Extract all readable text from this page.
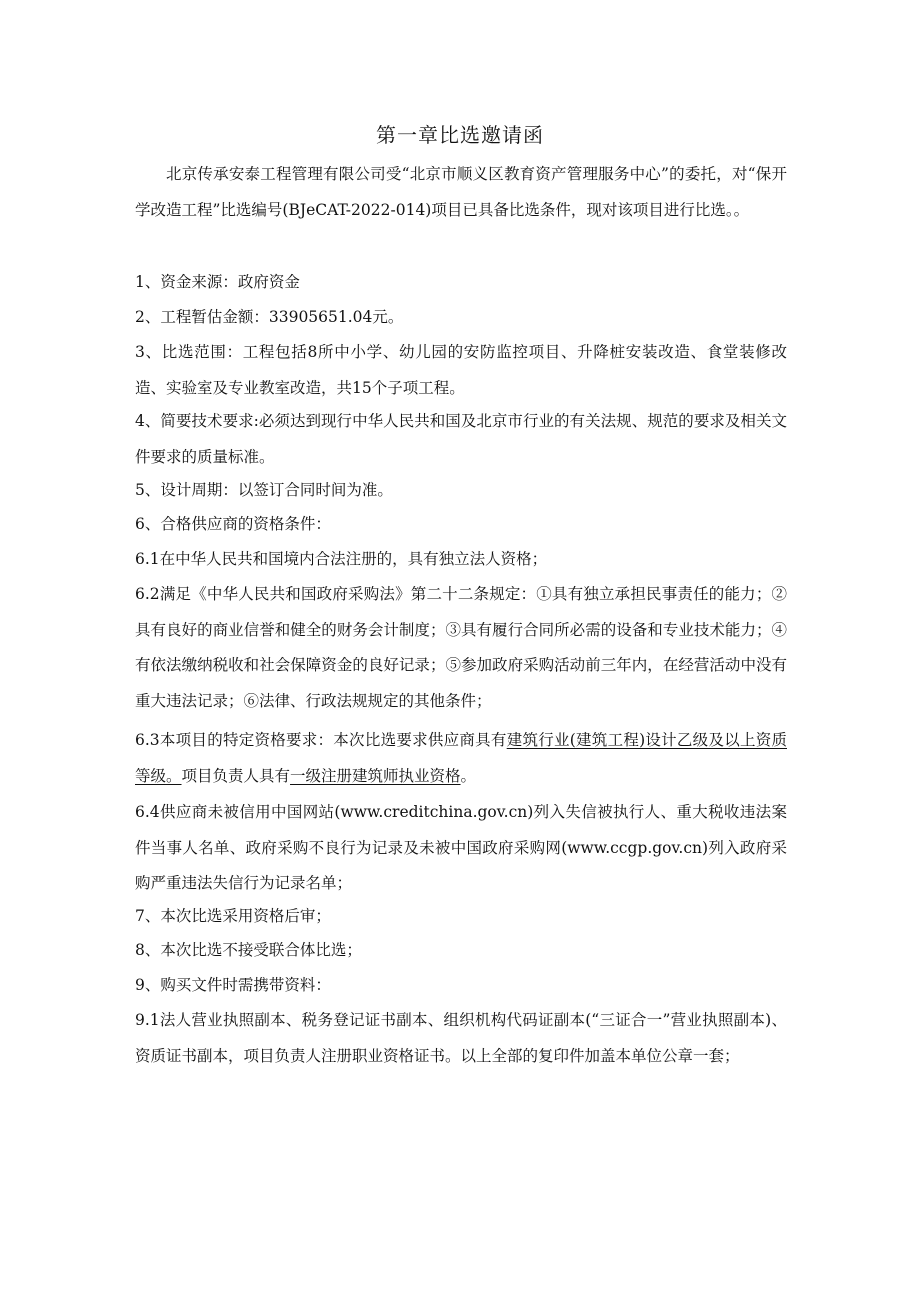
第一章比选邀请函

北京传承安泰工程管理有限公司受“北京市顺义区教育资产管理服务中心”的委托，对“保开学改造工程”比选编号(BJeCAT-2022-014)项目已具备比选条件，现对该项目进行比选。。

1、资金来源：政府资金

2、工程暂估金额：33905651.04元。

3、比选范围：工程包括8所中小学、幼儿园的安防监控项目、升降桩安装改造、食堂装修改造、实验室及专业教室改造，共15个子项工程。

4、简要技术要求:必须达到现行中华人民共和国及北京市行业的有关法规、规范的要求及相关文件要求的质量标准。

5、设计周期：以签订合同时间为准。

6、合格供应商的资格条件：

6.1在中华人民共和国境内合法注册的，具有独立法人资格；

6.2满足《中华人民共和国政府采购法》第二十二条规定：①具有独立承担民事责任的能力；②具有良好的商业信誉和健全的财务会计制度；③具有履行合同所必需的设备和专业技术能力；④有依法缴纳税收和社会保障资金的良好记录；⑤参加政府采购活动前三年内，在经营活动中没有重大违法记录；⑥法律、行政法规规定的其他条件；

6.3本项目的特定资格要求：本次比选要求供应商具有建筑行业(建筑工程)设计乙级及以上资质等级。项目负责人具有一级注册建筑师执业资格。

6.4供应商未被信用中国网站(www.creditchina.gov.cn)列入失信被执行人、重大税收违法案件当事人名单、政府采购不良行为记录及未被中国政府采购网(www.ccgp.gov.cn)列入政府采购严重违法失信行为记录名单；

7、本次比选采用资格后审；

8、本次比选不接受联合体比选；

9、购买文件时需携带资料：

9.1法人营业执照副本、税务登记证书副本、组织机构代码证副本(“三证合一”营业执照副本)、资质证书副本，项目负责人注册职业资格证书。以上全部的复印件加盖本单位公章一套；
